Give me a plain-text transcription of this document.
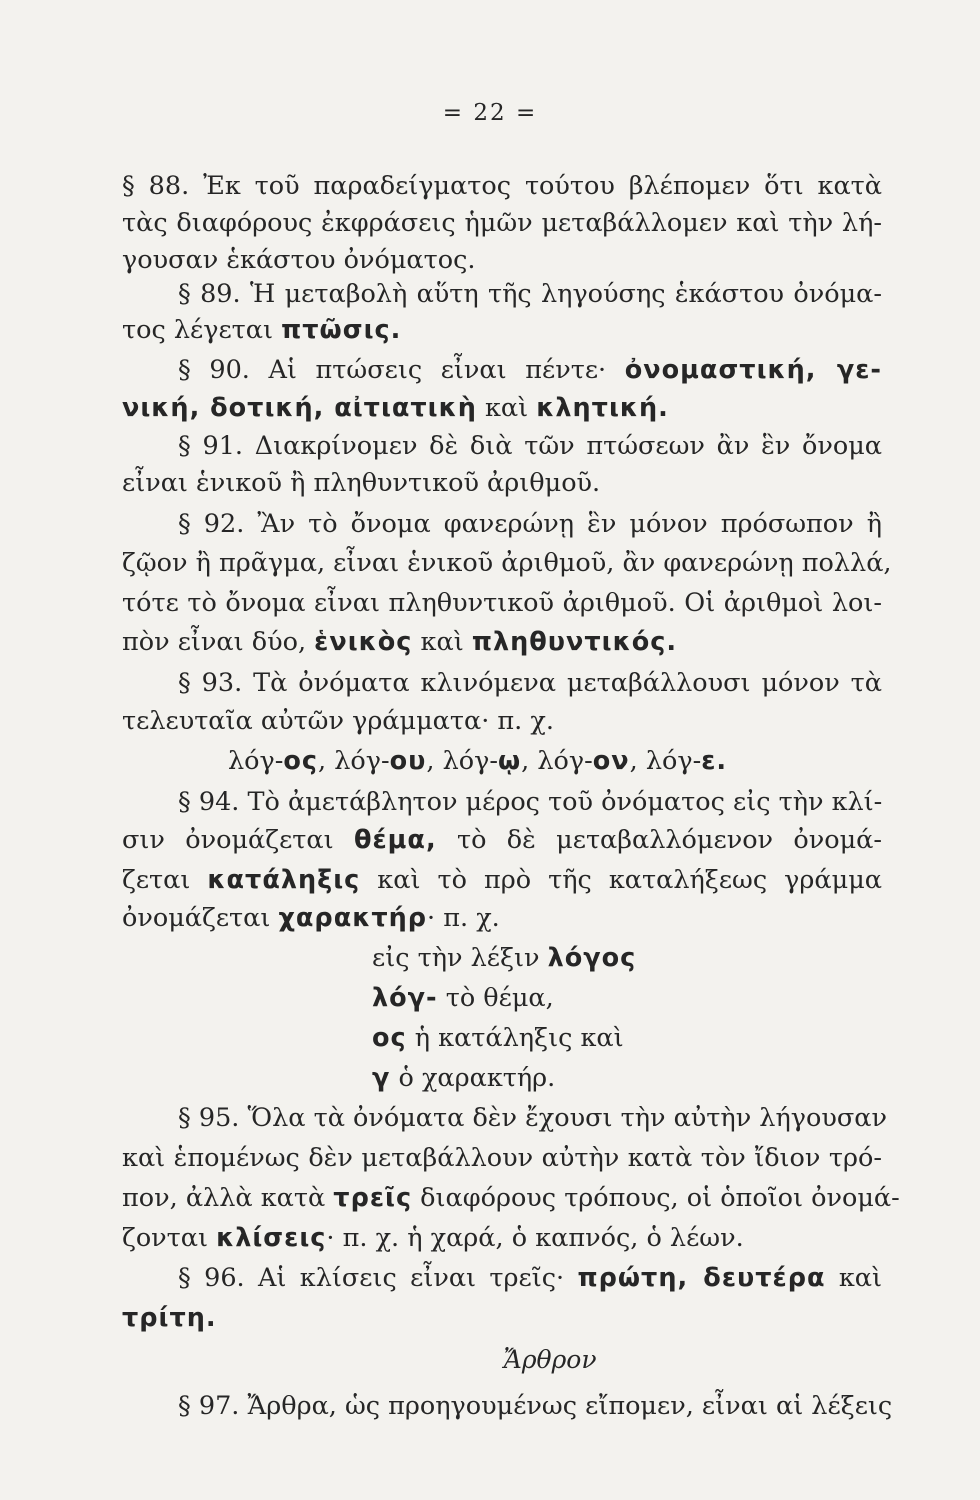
= 22 =
§ 88. Ἐκ τοῦ παραδείγματος τούτου βλέπομεν ὅτι κατὰ
τὰς διαφόρους ἐκφράσεις ἡμῶν μεταβάλλομεν καὶ τὴν λή-
γουσαν ἑκάστου ὀνόματος.
§ 89. Ἡ μεταβολὴ αὕτη τῆς ληγούσης ἑκάστου ὀνόμα-
τος λέγεται πτῶσις.
§ 90. Αἱ πτώσεις εἶναι πέντε· ὀνομαστική, γε-
νική, δοτική, αἰτιατικὴ καὶ κλητική.
§ 91. Διακρίνομεν δὲ διὰ τῶν πτώσεων ἂν ἓν ὄνομα
εἶναι ἑνικοῦ ἢ πληθυντικοῦ ἀριθμοῦ.
§ 92. Ἂν τὸ ὄνομα φανερώνῃ ἓν μόνον πρόσωπον ἢ
ζῷον ἢ πρᾶγμα, εἶναι ἑνικοῦ ἀριθμοῦ, ἂν φανερώνῃ πολλά,
τότε τὸ ὄνομα εἶναι πληθυντικοῦ ἀριθμοῦ. Οἱ ἀριθμοὶ λοι-
πὸν εἶναι δύο, ἑνικὸς καὶ πληθυντικός.
§ 93. Τὰ ὀνόματα κλινόμενα μεταβάλλουσι μόνον τὰ
τελευταῖα αὐτῶν γράμματα· π. χ.
λόγ-ος, λόγ-ου, λόγ-ῳ, λόγ-ον, λόγ-ε.
§ 94. Τὸ ἀμετάβλητον μέρος τοῦ ὀνόματος εἰς τὴν κλί-
σιν ὀνομάζεται θέμα, τὸ δὲ μεταβαλλόμενον ὀνομά-
ζεται κατάληξις καὶ τὸ πρὸ τῆς καταλήξεως γράμμα
ὀνομάζεται χαρακτήρ· π. χ.
εἰς τὴν λέξιν λόγος
λόγ- τὸ θέμα,
ος ἡ κατάληξις καὶ
γ ὁ χαρακτήρ.
§ 95. Ὅλα τὰ ὀνόματα δὲν ἔχουσι τὴν αὐτὴν λήγουσαν
καὶ ἑπομένως δὲν μεταβάλλουν αὐτὴν κατὰ τὸν ἴδιον τρό-
πον, ἀλλὰ κατὰ τρεῖς διαφόρους τρόπους, οἱ ὁποῖοι ὀνομά-
ζονται κλίσεις· π. χ. ἡ χαρά, ὁ καπνός, ὁ λέων.
§ 96. Αἱ κλίσεις εἶναι τρεῖς· πρώτη, δευτέρα καὶ
τρίτη.
Ἄρθρον
§ 97. Ἄρθρα, ὡς προηγουμένως εἴπομεν, εἶναι αἱ λέξεις
